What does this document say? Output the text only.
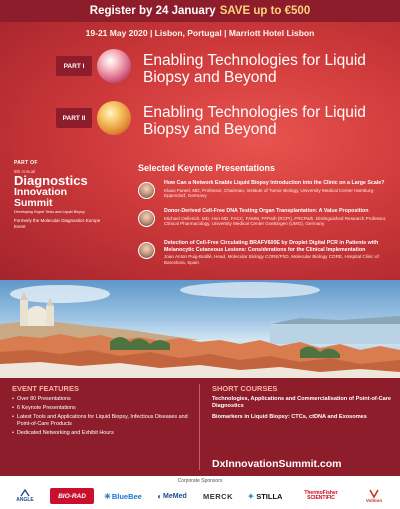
Register by 24 January SAVE up to €500
19-21 May 2020 | Lisbon, Portugal | Marriott Hotel Lisbon
PART I	Enabling Technologies for Liquid Biopsy and Beyond
PART II	Enabling Technologies for Liquid Biopsy and Beyond
PART OF
8th Annual
Diagnostics
Innovation
Summit
Developing Rapid Tests and Liquid Biopsy
Formerly the Molecular Diagnostics Europe Event
Selected Keynote Presentations
How Can a Network Enable Liquid Biopsy Introduction into the Clinic on a Large Scale?
Klaus Pantel, MD, Professor, Chairman, Institute of Tumor Biology, University Medical Center Hamburg-Eppendorf, Germany
Donor-Derived Cell-Free DNA Testing Organ Transplantation: A Value Proposition
Michael Oellerich, MD, Hon MD, FACC, FAMM, FFPath (RCPI), FRCPath, Distinguished Research Professor, Clinical Pharmacology, University Medical Center Goettingen (UMG), Germany
Detection of Cell-Free Circulating BRAFV600E by Droplet Digital PCR in Patients with Melanocytic Cutaneous Lesions: Considerations for the Clinical Implementation
Joan Anton Puig-Butillé, Head, Molecular Biology CORE/PhD, Molecular Biology CORE, Hospital Clinic of Barcelona, Spain
EVENT FEATURES
• Over 80 Presentations
• 6 Keynote Presentations
• Latest Tools and Applications for Liquid Biopsy, Infectious Diseases and Point-of-Care Products
• Dedicated Networking and Exhibit Hours
SHORT COURSES
Technologies, Applications and Commercialisation of Point-of-Care Diagnostics
Biomarkers in Liquid Biopsy: CTCs, ctDNA and Exosomes
DxInnovationSummit.com
Corporate Sponsors
ANGLE
BIO-RAD ✳ BlueBee ◐ MeMed MERCK ✦ STILLA	ThermoFisher SCIENTIFIC	Volition
